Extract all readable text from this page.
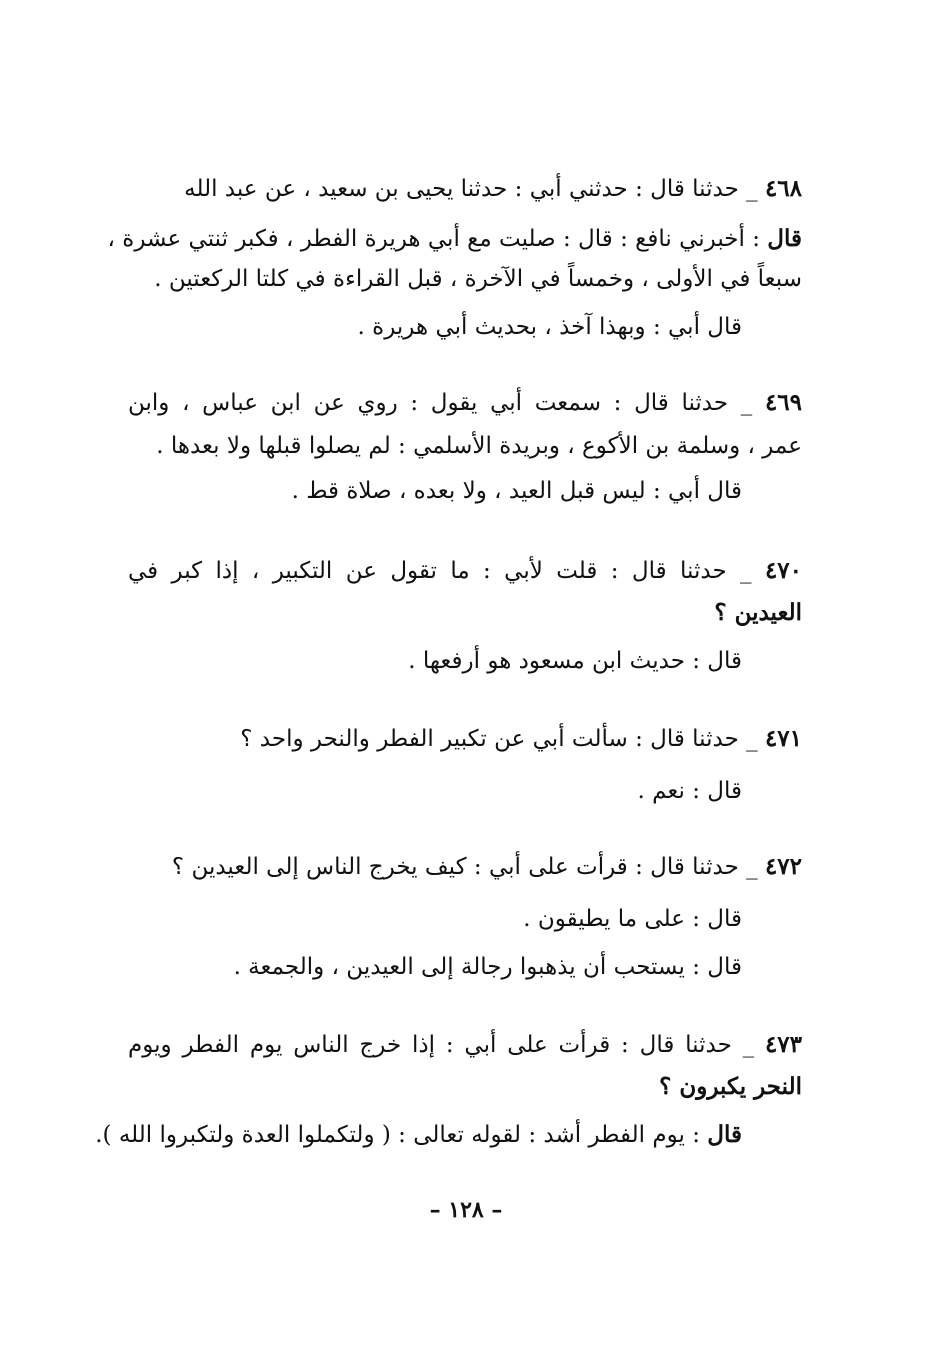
٤٦٨ _ حدثنا قال : حدثني أبي : حدثنا يحيى بن سعيد ، عن عبد الله
قال : أخبرني نافع : قال : صليت مع أبي هريرة الفطر ، فكبر ثنتي عشرة ،
سبعاً في الأولى ، وخمساً في الآخرة ، قبل القراءة في كلتا الركعتين .
قال أبي : وبهذا آخذ ، بحديث أبي هريرة .
٤٦٩ _ حدثنا قال : سمعت أبي يقول : روي عن ابن عباس ، وابن
عمر ، وسلمة بن الأكوع ، وبريدة الأسلمي : لم يصلوا قبلها ولا بعدها .
قال أبي : ليس قبل العيد ، ولا بعده ، صلاة قط .
٤٧٠ _ حدثنا قال : قلت لأبي : ما تقول عن التكبير ، إذا كبر في
العيدين ؟
قال : حديث ابن مسعود هو أرفعها .
٤٧١ _ حدثنا قال : سألت أبي عن تكبير الفطر والنحر واحد ؟
قال : نعم .
٤٧٢ _ حدثنا قال : قرأت على أبي : كيف يخرج الناس إلى العيدين ؟
قال : على ما يطيقون .
قال : يستحب أن يذهبوا رجالة إلى العيدين ، والجمعة .
٤٧٣ _ حدثنا قال : قرأت على أبي : إذا خرج الناس يوم الفطر ويوم
النحر يكبرون ؟
قال : يوم الفطر أشد : لقوله تعالى : ( ولتكملوا العدة ولتكبروا الله ).
– ١٢٨ –
